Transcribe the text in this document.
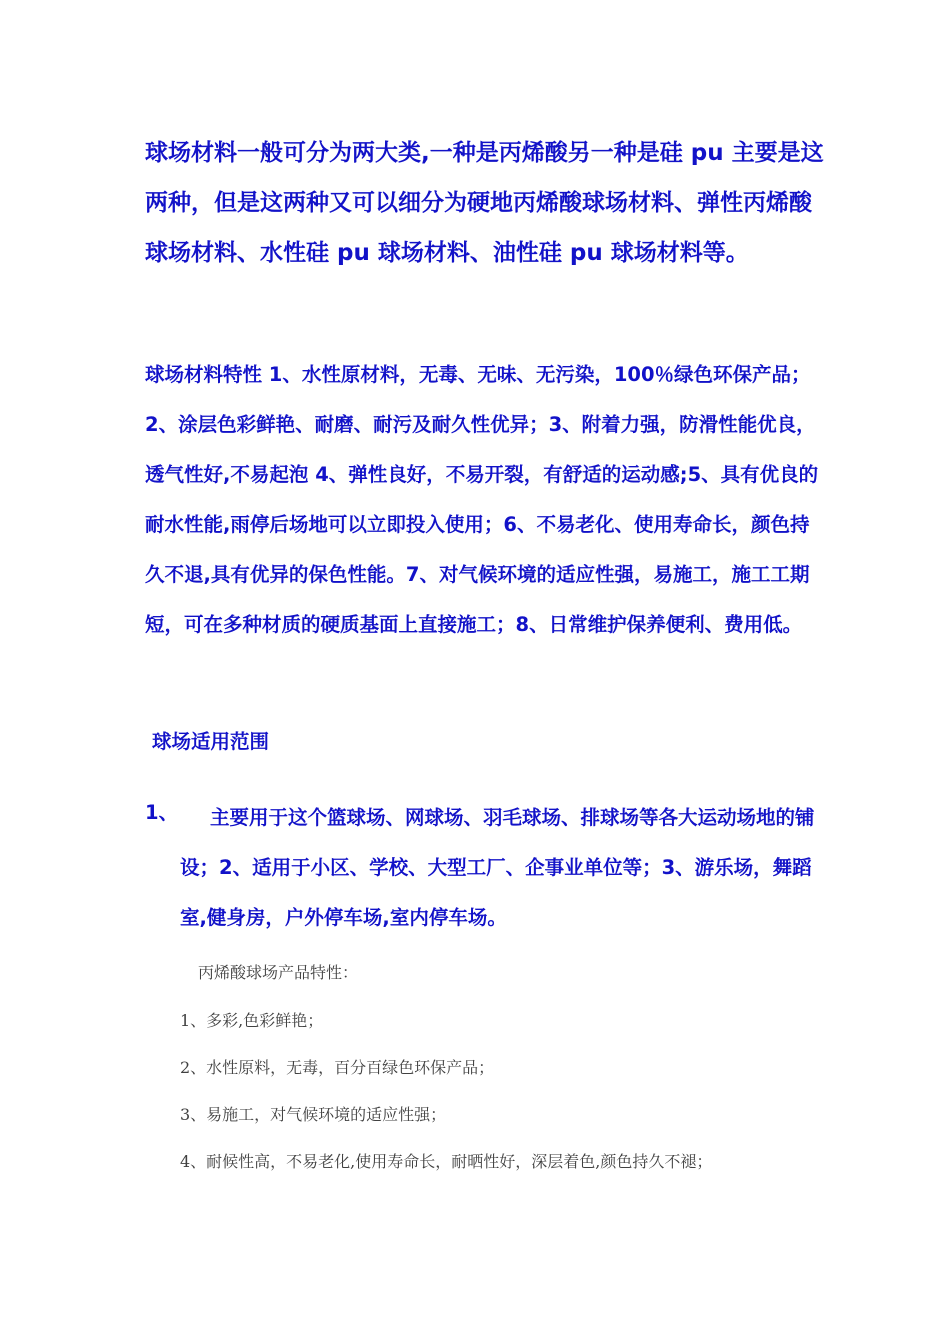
球场材料一般可分为两大类,一种是丙烯酸另一种是硅 pu 主要是这两种，但是这两种又可以细分为硬地丙烯酸球场材料、弹性丙烯酸球场材料、水性硅 pu 球场材料、油性硅 pu 球场材料等。

球场材料特性 1、水性原材料，无毒、无味、无污染，100％绿色环保产品；2、涂层色彩鲜艳、耐磨、耐污及耐久性优异；3、附着力强，防滑性能优良，透气性好,不易起泡 4、弹性良好，不易开裂，有舒适的运动感;5、具有优良的耐水性能,雨停后场地可以立即投入使用；6、不易老化、使用寿命长，颜色持久不退,具有优异的保色性能。7、对气候环境的适应性强，易施工，施工工期短，可在多种材质的硬质基面上直接施工；8、日常维护保养便利、费用低。

球场适用范围

1、	主要用于这个篮球场、网球场、羽毛球场、排球场等各大运动场地的铺设；2、适用于小区、学校、大型工厂、企事业单位等；3、游乐场，舞蹈室,健身房，户外停车场,室内停车场。

丙烯酸球场产品特性：

1、多彩,色彩鲜艳；

2、水性原料，无毒，百分百绿色环保产品；

3、易施工，对气候环境的适应性强；

4、耐候性高，不易老化,使用寿命长，耐晒性好，深层着色,颜色持久不褪；
